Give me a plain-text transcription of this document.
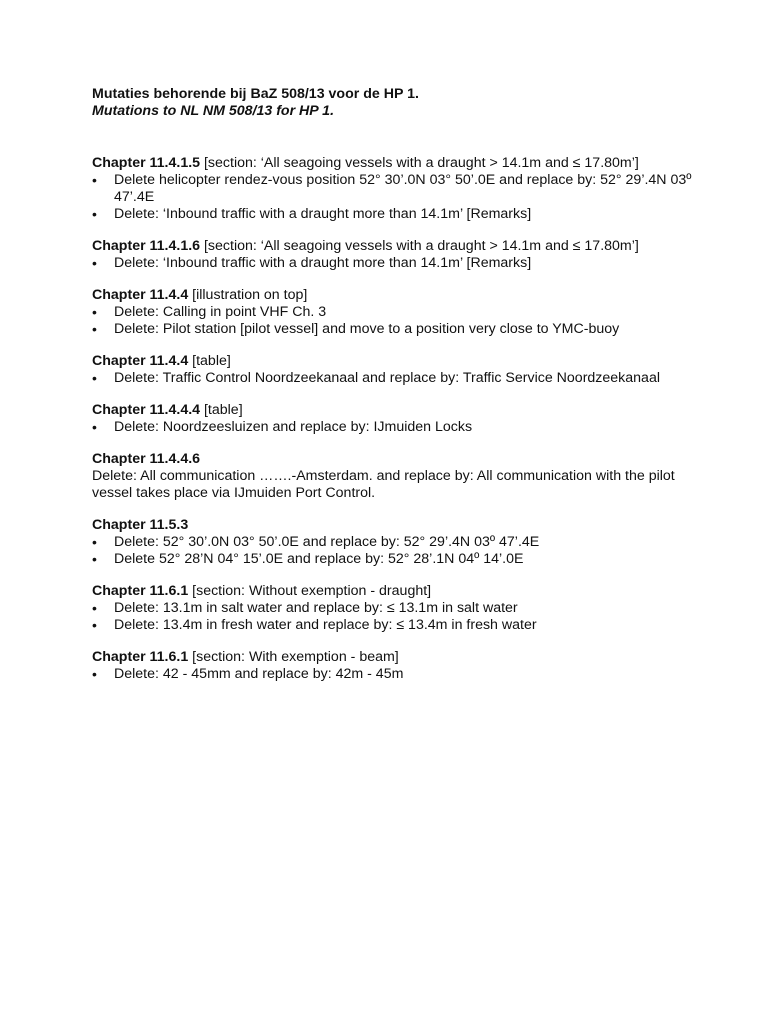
Mutaties behorende bij BaZ 508/13 voor de HP 1.

Mutations to NL NM 508/13 for HP 1.

Chapter 11.4.1.5 [section: ‘All seagoing vessels with a draught > 14.1m and ≤ 17.80m’]

• Delete helicopter rendez-vous position 52° 30’.0N 03° 50’.0E and replace by: 52° 29’.4N 03º 47’.4E
• Delete: ‘Inbound traffic with a draught more than 14.1m’ [Remarks]

Chapter 11.4.1.6 [section: ‘All seagoing vessels with a draught > 14.1m and ≤ 17.80m’]

• Delete: ‘Inbound traffic with a draught more than 14.1m’ [Remarks]

Chapter 11.4.4 [illustration on top]

• Delete: Calling in point VHF Ch. 3
• Delete: Pilot station [pilot vessel] and move to a position very close to YMC-buoy

Chapter 11.4.4 [table]

• Delete: Traffic Control Noordzeekanaal and replace by: Traffic Service Noordzeekanaal

Chapter 11.4.4.4 [table]

• Delete: Noordzeesluizen and replace by: IJmuiden Locks

Chapter 11.4.4.6

Delete: All communication …….-Amsterdam. and replace by: All communication with the pilot vessel takes place via IJmuiden Port Control.

Chapter 11.5.3

• Delete: 52° 30’.0N 03° 50’.0E and replace by: 52° 29’.4N 03º 47’.4E
• Delete 52° 28’N 04° 15’.0E and replace by: 52° 28’.1N 04º 14’.0E

Chapter 11.6.1 [section: Without exemption - draught]

• Delete: 13.1m in salt water and replace by: ≤ 13.1m in salt water
• Delete: 13.4m in fresh water and replace by: ≤ 13.4m in fresh water

Chapter 11.6.1 [section: With exemption - beam]

• Delete: 42 - 45mm and replace by: 42m - 45m
